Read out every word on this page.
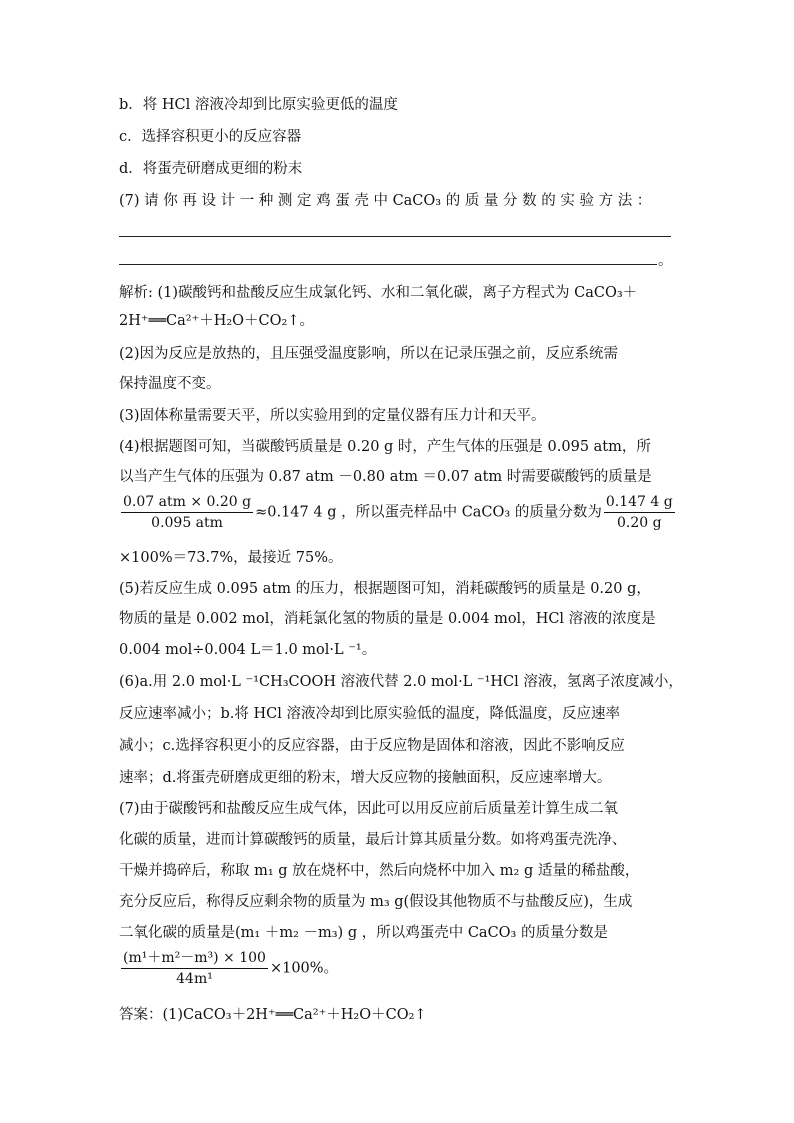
b．将 HCl 溶液冷却到比原实验更低的温度
c．选择容积更小的反应容器
d．将蛋壳研磨成更细的粉末
(7) 请 你 再 设 计 一 种 测 定 鸡 蛋 壳 中 CaCO₃ 的 质 量 分 数 的 实 验 方 法 ：
。
解析: (1)碳酸钙和盐酸反应生成氯化钙、水和二氧化碳，离子方程式为 CaCO₃＋
2H⁺══Ca²⁺＋H₂O＋CO₂↑。
(2)因为反应是放热的，且压强受温度影响，所以在记录压强之前，反应系统需
保持温度不变。
(3)固体称量需要天平，所以实验用到的定量仪器有压力计和天平。
(4)根据题图可知，当碳酸钙质量是 0.20 g 时，产生气体的压强是 0.095 atm，所
以当产生气体的压强为 0.87 atm －0.80 atm ＝0.07 atm 时需要碳酸钙的质量是
$\frac{\text{0.07 atm × 0.20 g}}{\text{0.095 atm}} \approx 0.147$ 4 g ，所以蛋壳样品中 CaCO₃ 的质量分数为 $\frac{0.147 4 g}{0.20 g}$
×100%＝73.7%，最接近 75%。
(5)若反应生成 0.095 atm 的压力，根据题图可知，消耗碳酸钙的质量是 0.20 g，
物质的量是 0.002 mol，消耗氯化氢的物质的量是 0.004 mol，HCl 溶液的浓度是
0.004 mol÷0.004 L＝1.0 mol·L ⁻¹。
(6)a.用 2.0 mol·L ⁻¹CH₃COOH 溶液代替 2.0 mol·L ⁻¹HCl 溶液，氢离子浓度减小，
反应速率减小；b.将 HCl 溶液冷却到比原实验低的温度，降低温度，反应速率
减小；c.选择容积更小的反应容器，由于反应物是固体和溶液，因此不影响反应
速率；d.将蛋壳研磨成更细的粉末，增大反应物的接触面积，反应速率增大。
(7)由于碳酸钙和盐酸反应生成气体，因此可以用反应前后质量差计算生成二氧
化碳的质量，进而计算碳酸钙的质量，最后计算其质量分数。如将鸡蛋壳洗净、
干燥并捣碎后，称取 m₁ g 放在烧杯中，然后向烧杯中加入 m₂ g 适量的稀盐酸，
充分反应后，称得反应剩余物的质量为 m₃ g(假设其他物质不与盐酸反应)，生成
二氧化碳的质量是(m₁ ＋m₂ －m₃) g ，所以鸡蛋壳中 CaCO₃ 的质量分数是
$\frac{\text{(m¹＋m²－m³) × 100}}{\text{44m¹}} \times 100\%$。
答案：(1)CaCO₃＋2H⁺══Ca²⁺＋H₂O＋CO₂↑
